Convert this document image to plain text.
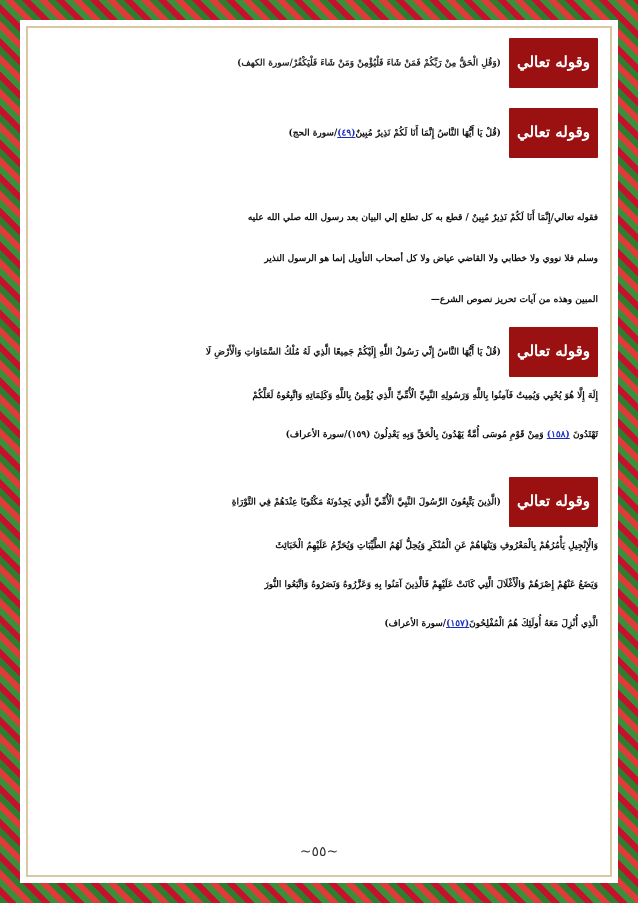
وقوله تعالي(وَقُلِ الْحَقُّ مِنْ رَبِّكُمْ فَمَنْ شَاءَ فَلْيُؤْمِنْ وَمَنْ شَاءَ فَلْيَكْفُرْ/سورة الكهف)
وقوله تعالي(قُلْ يَا أَيُّهَا النَّاسُ إِنَّمَا أَنَا لَكُمْ نَذِيرٌ مُبِينٌ(٤٩)/سورة الحج)
فقوله تعالي/إِنَّمَا أَنَا لَكُمْ نَذِيرٌ مُبِينٌ / قطع به كل تطلع إلي البيان بعد رسول الله صلي الله عليه
وسلم فلا نووي ولا خطابي ولا القاضي عياض ولا كل أصحاب التأويل إنما هو الرسول النذير
المبين وهذه من آيات تحريز نصوص الشرع—
وقوله تعالي(قُلْ يَا أَيُّهَا النَّاسُ إِنِّي رَسُولُ اللَّهِ إِلَيْكُمْ جَمِيعًا الَّذِي لَهُ مُلْكُ السَّمَاوَاتِ وَالْأَرْضِ لَا
إِلَهَ إِلَّا هُوَ يُحْيِي وَيُمِيتُ فَآمِنُوا بِاللَّهِ وَرَسُولِهِ النَّبِيِّ الْأُمِّيِّ الَّذِي يُؤْمِنُ بِاللَّهِ وَكَلِمَاتِهِ وَاتَّبِعُوهُ لَعَلَّكُمْ
تَهْتَدُونَ (١٥٨) وَمِنْ قَوْمِ مُوسَى أُمَّةٌ يَهْدُونَ بِالْحَقِّ وَبِهِ يَعْدِلُونَ (١٥٩)/سورة الأعراف)
وقوله تعالي(الَّذِينَ يَتَّبِعُونَ الرَّسُولَ النَّبِيَّ الْأُمِّيَّ الَّذِي يَجِدُونَهُ مَكْتُوبًا عِنْدَهُمْ فِي التَّوْرَاةِ
وَالْإِنْجِيلِ يَأْمُرُهُمْ بِالْمَعْرُوفِ وَيَنْهَاهُمْ عَنِ الْمُنْكَرِ وَيُحِلُّ لَهُمُ الطَّيِّبَاتِ وَيُحَرِّمُ عَلَيْهِمُ الْخَبَائِثَ
وَيَضَعُ عَنْهُمْ إِصْرَهُمْ وَالْأَغْلَالَ الَّتِي كَانَتْ عَلَيْهِمْ فَالَّذِينَ آمَنُوا بِهِ وَعَزَّرُوهُ وَنَصَرُوهُ وَاتَّبَعُوا النُّورَ
الَّذِي أُنْزِلَ مَعَهُ أُولَئِكَ هُمُ الْمُفْلِحُونَ(١٥٧)/سورة الأعراف)
~٥٥~
